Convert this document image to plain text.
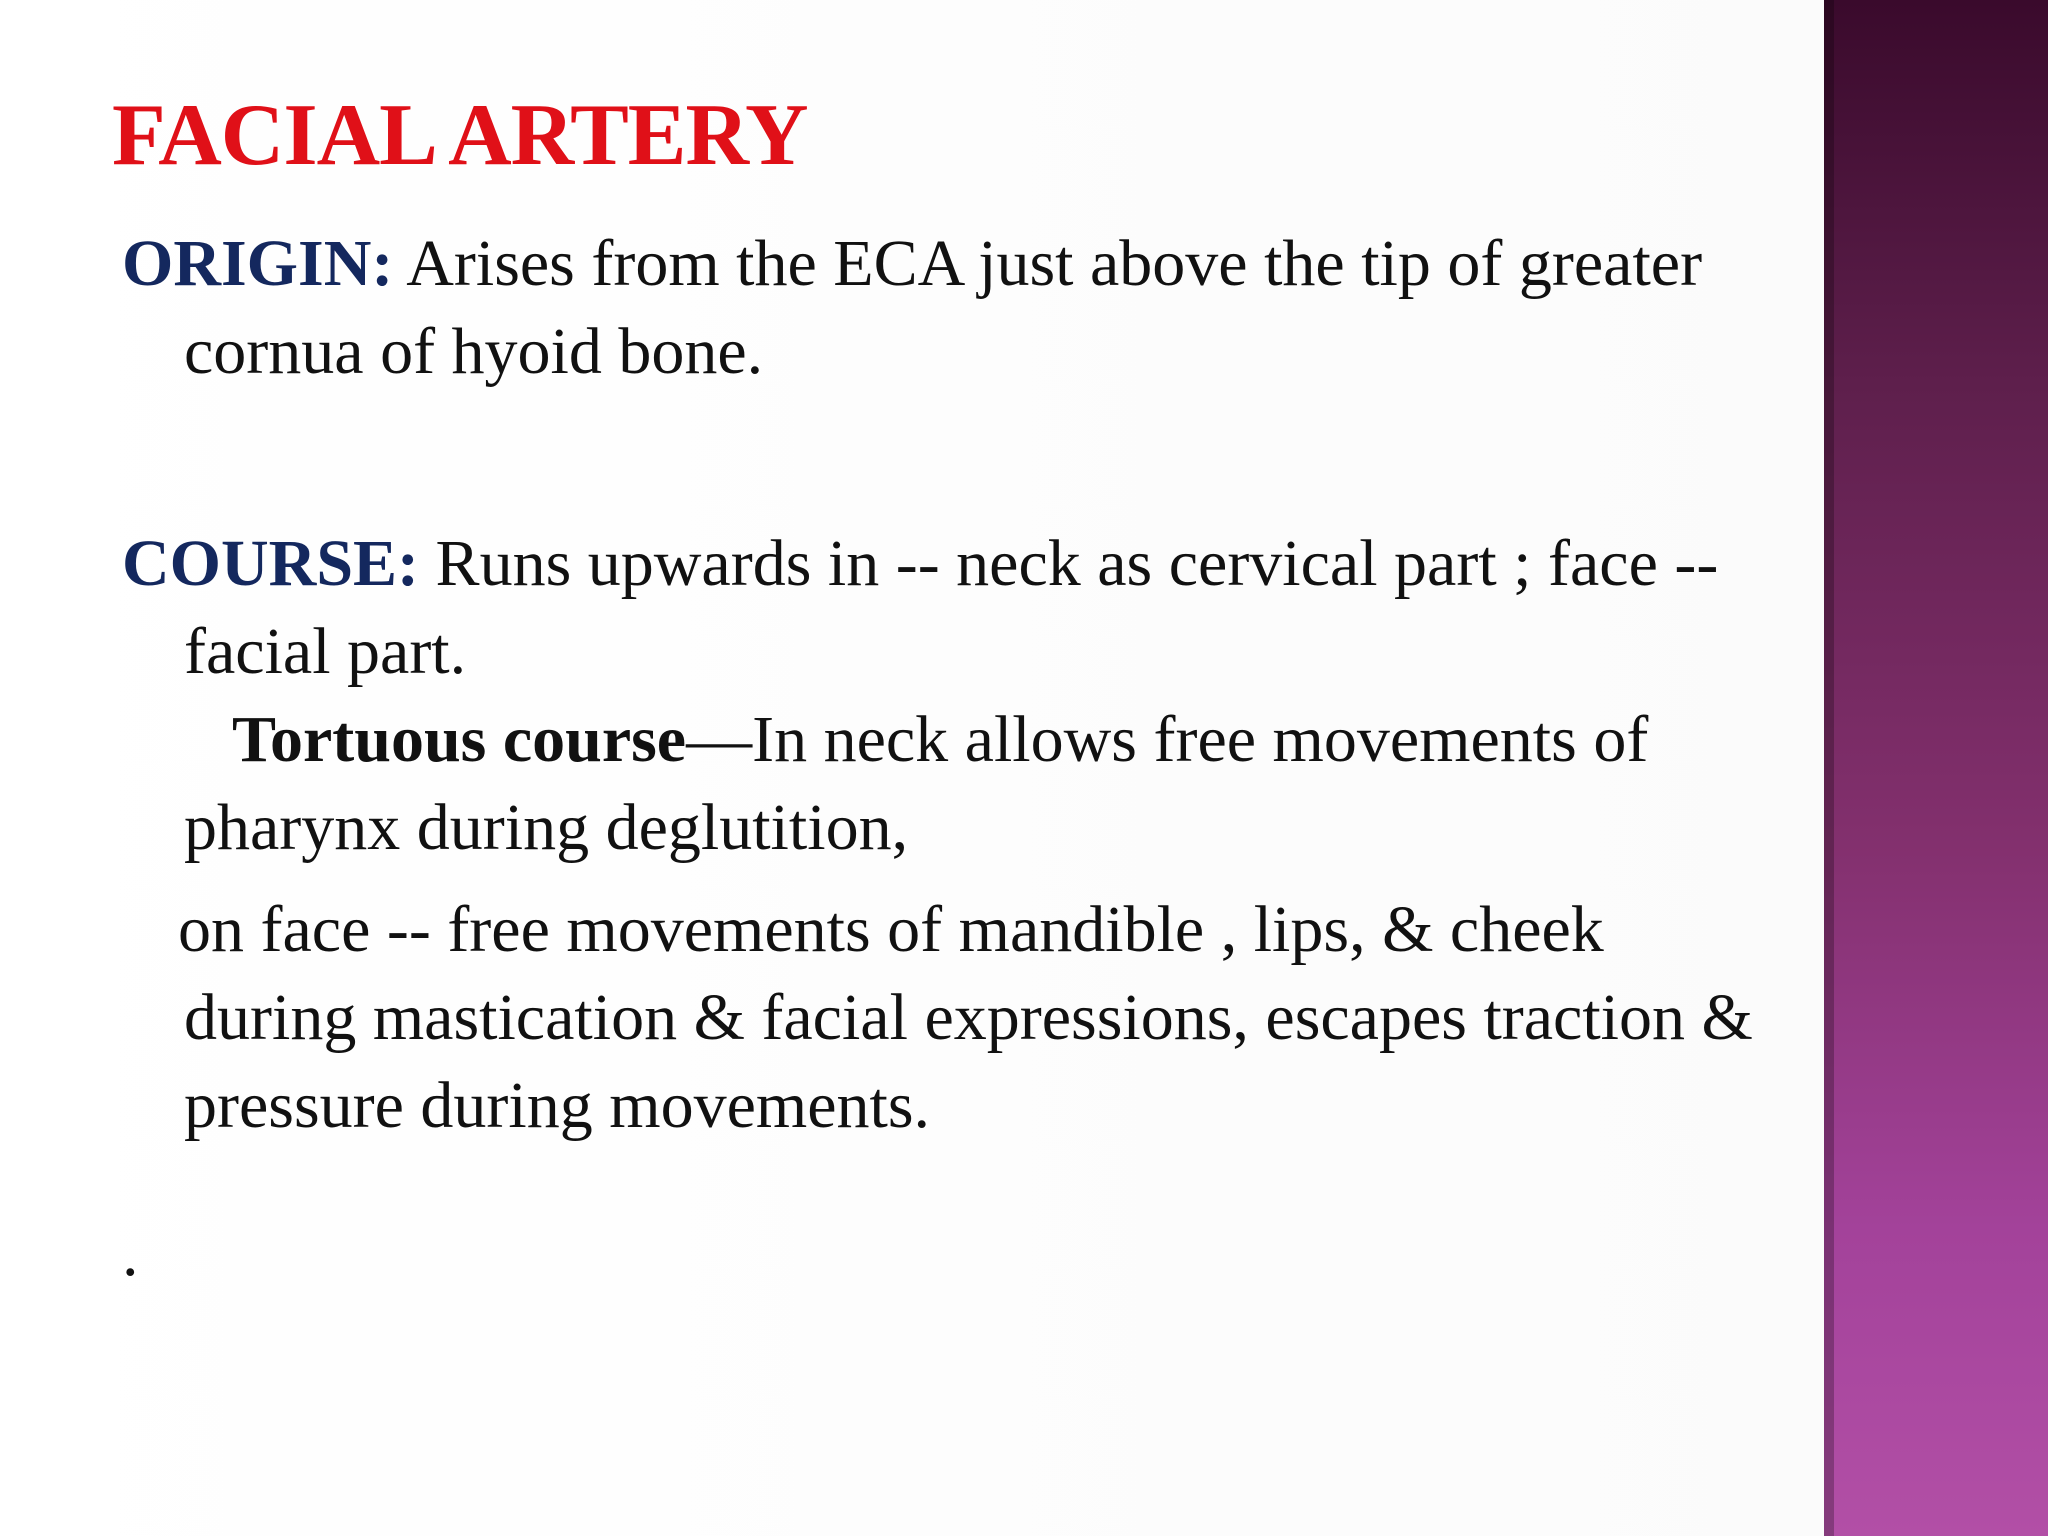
FACIAL ARTERY

ORIGIN: Arises from the ECA just above the tip of greater cornua of hyoid bone.

COURSE: Runs upwards in -- neck as cervical part ; face -- facial part.

Tortuous course—In neck allows free movements of pharynx during deglutition,

on face -- free movements of mandible , lips, & cheek during mastication & facial expressions, escapes traction & pressure during movements.

.
